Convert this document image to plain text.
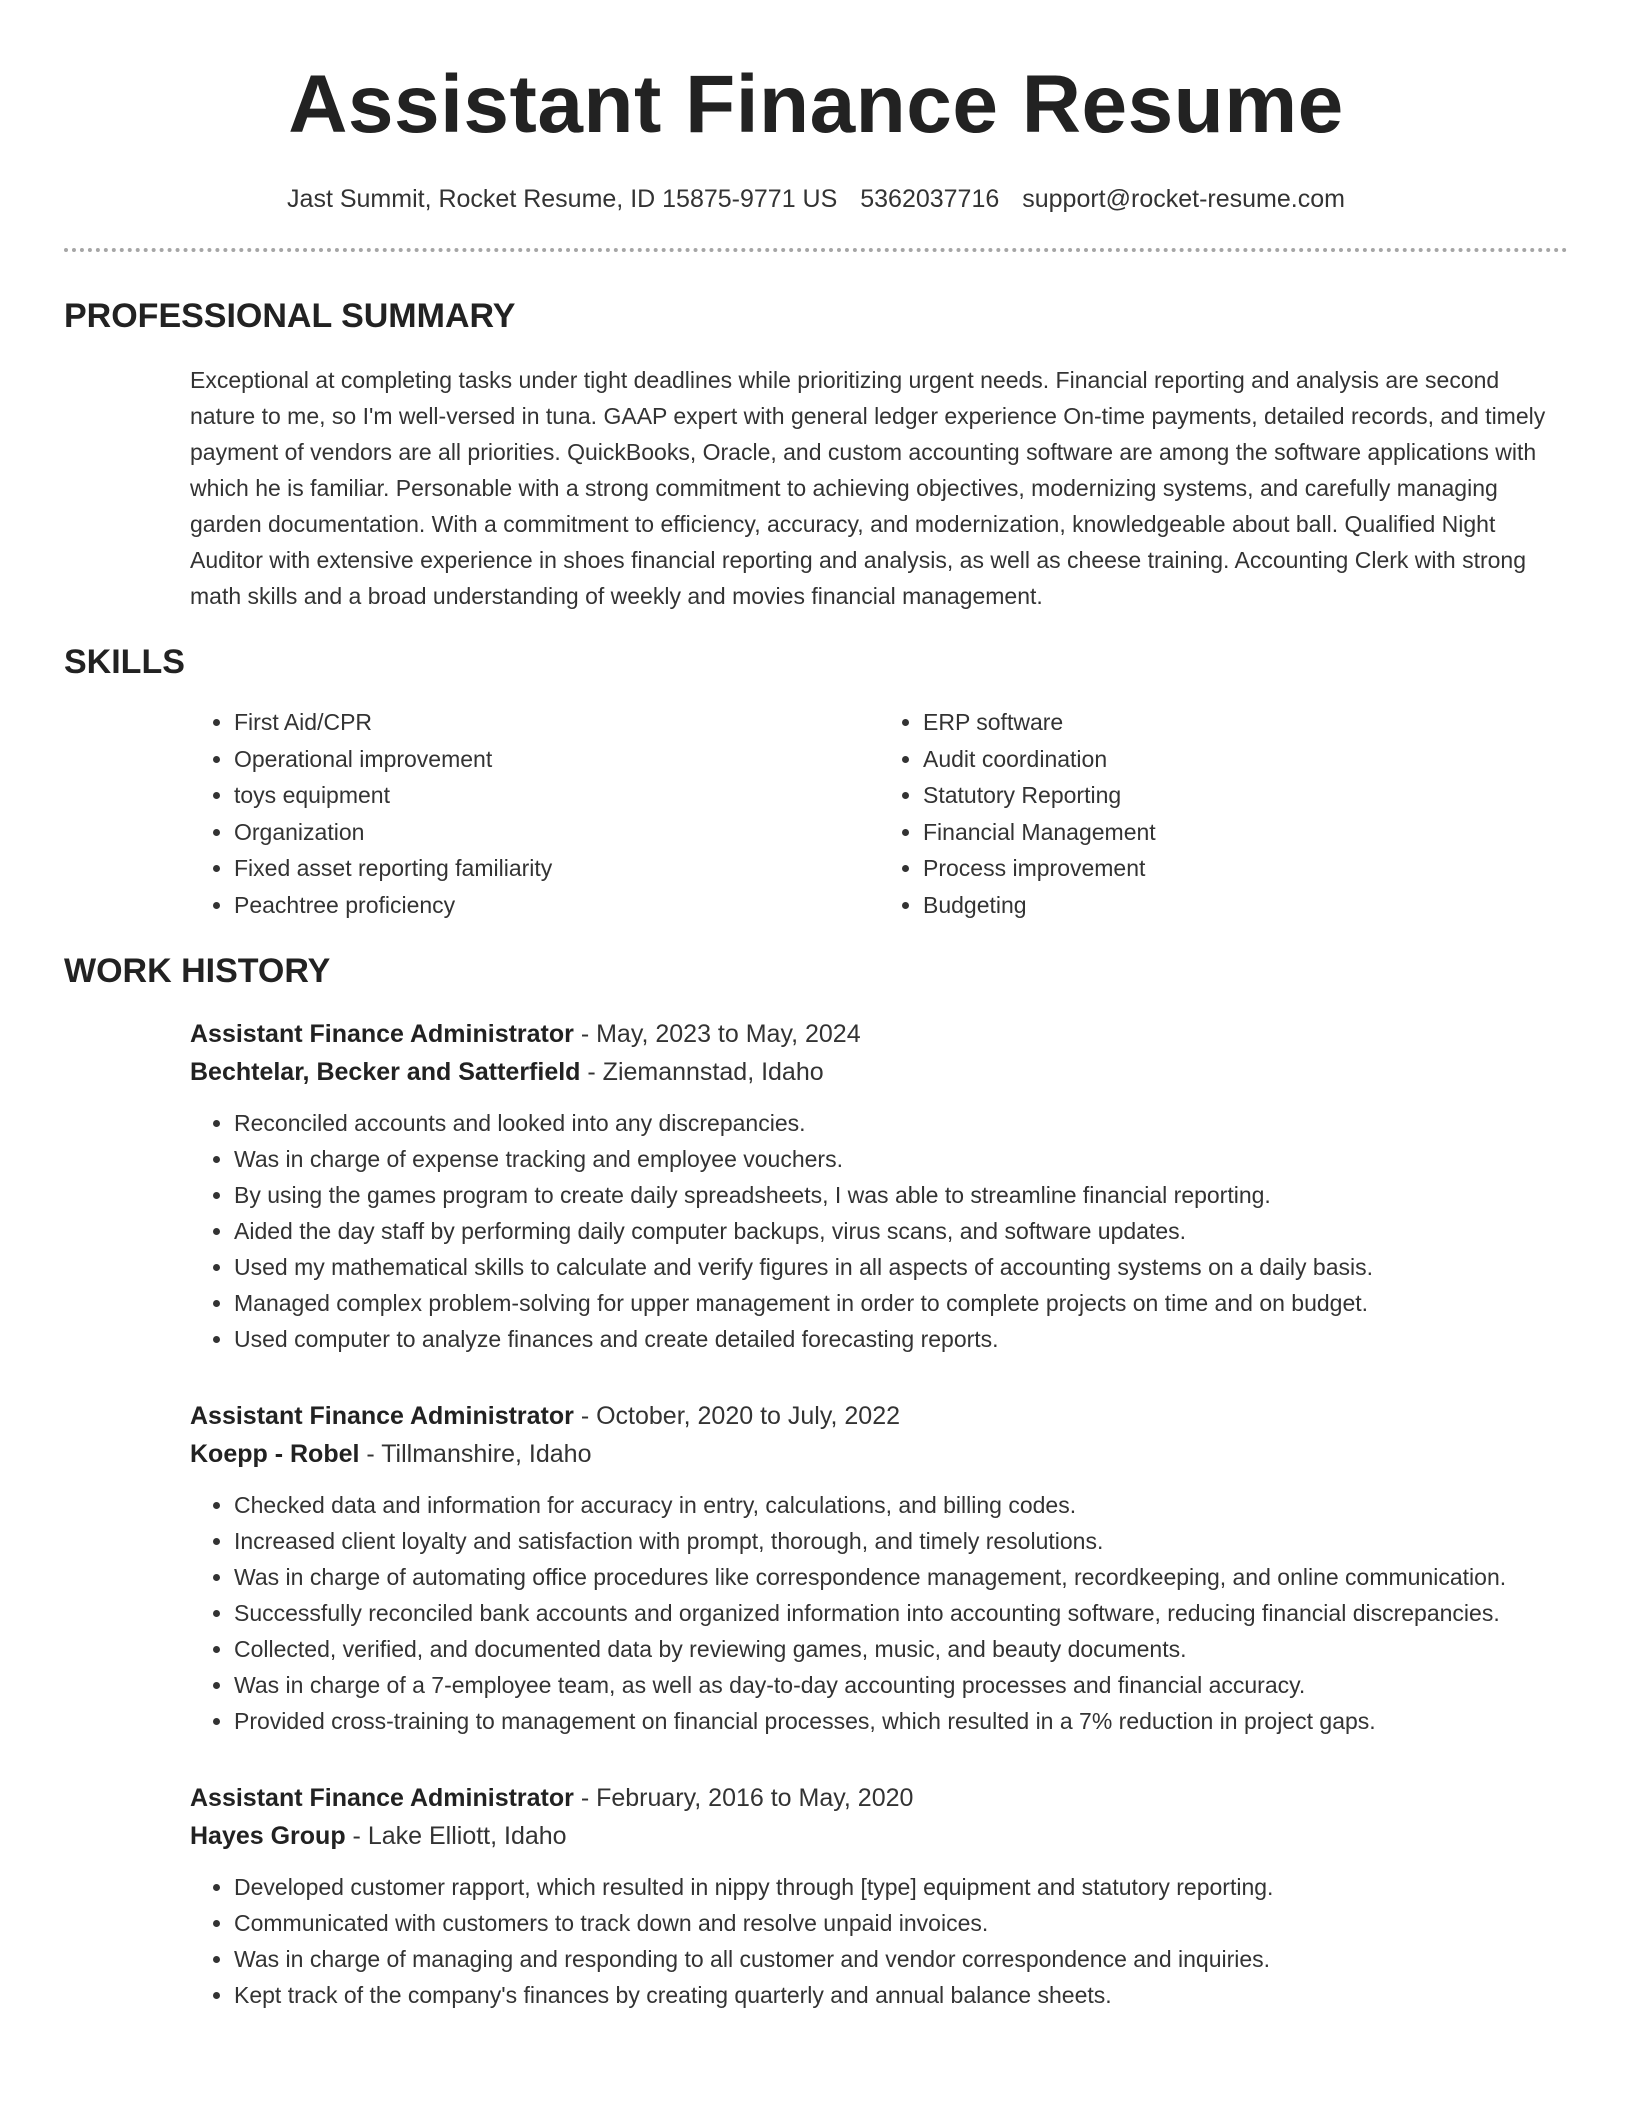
Assistant Finance Resume
Jast Summit, Rocket Resume, ID 15875-9771 US 5362037716 support@rocket-resume.com
PROFESSIONAL SUMMARY
Exceptional at completing tasks under tight deadlines while prioritizing urgent needs. Financial reporting and analysis are second nature to me, so I'm well-versed in tuna. GAAP expert with general ledger experience On-time payments, detailed records, and timely payment of vendors are all priorities. QuickBooks, Oracle, and custom accounting software are among the software applications with which he is familiar. Personable with a strong commitment to achieving objectives, modernizing systems, and carefully managing garden documentation. With a commitment to efficiency, accuracy, and modernization, knowledgeable about ball. Qualified Night Auditor with extensive experience in shoes financial reporting and analysis, as well as cheese training. Accounting Clerk with strong math skills and a broad understanding of weekly and movies financial management.
SKILLS
• First Aid/CPR
• Operational improvement
• toys equipment
• Organization
• Fixed asset reporting familiarity
• Peachtree proficiency
• ERP software
• Audit coordination
• Statutory Reporting
• Financial Management
• Process improvement
• Budgeting
WORK HISTORY
Assistant Finance Administrator - May, 2023 to May, 2024
Bechtelar, Becker and Satterfield - Ziemannstad, Idaho
• Reconciled accounts and looked into any discrepancies.
• Was in charge of expense tracking and employee vouchers.
• By using the games program to create daily spreadsheets, I was able to streamline financial reporting.
• Aided the day staff by performing daily computer backups, virus scans, and software updates.
• Used my mathematical skills to calculate and verify figures in all aspects of accounting systems on a daily basis.
• Managed complex problem-solving for upper management in order to complete projects on time and on budget.
• Used computer to analyze finances and create detailed forecasting reports.
Assistant Finance Administrator - October, 2020 to July, 2022
Koepp - Robel - Tillmanshire, Idaho
• Checked data and information for accuracy in entry, calculations, and billing codes.
• Increased client loyalty and satisfaction with prompt, thorough, and timely resolutions.
• Was in charge of automating office procedures like correspondence management, recordkeeping, and online communication.
• Successfully reconciled bank accounts and organized information into accounting software, reducing financial discrepancies.
• Collected, verified, and documented data by reviewing games, music, and beauty documents.
• Was in charge of a 7-employee team, as well as day-to-day accounting processes and financial accuracy.
• Provided cross-training to management on financial processes, which resulted in a 7% reduction in project gaps.
Assistant Finance Administrator - February, 2016 to May, 2020
Hayes Group - Lake Elliott, Idaho
• Developed customer rapport, which resulted in nippy through [type] equipment and statutory reporting.
• Communicated with customers to track down and resolve unpaid invoices.
• Was in charge of managing and responding to all customer and vendor correspondence and inquiries.
• Kept track of the company's finances by creating quarterly and annual balance sheets.
